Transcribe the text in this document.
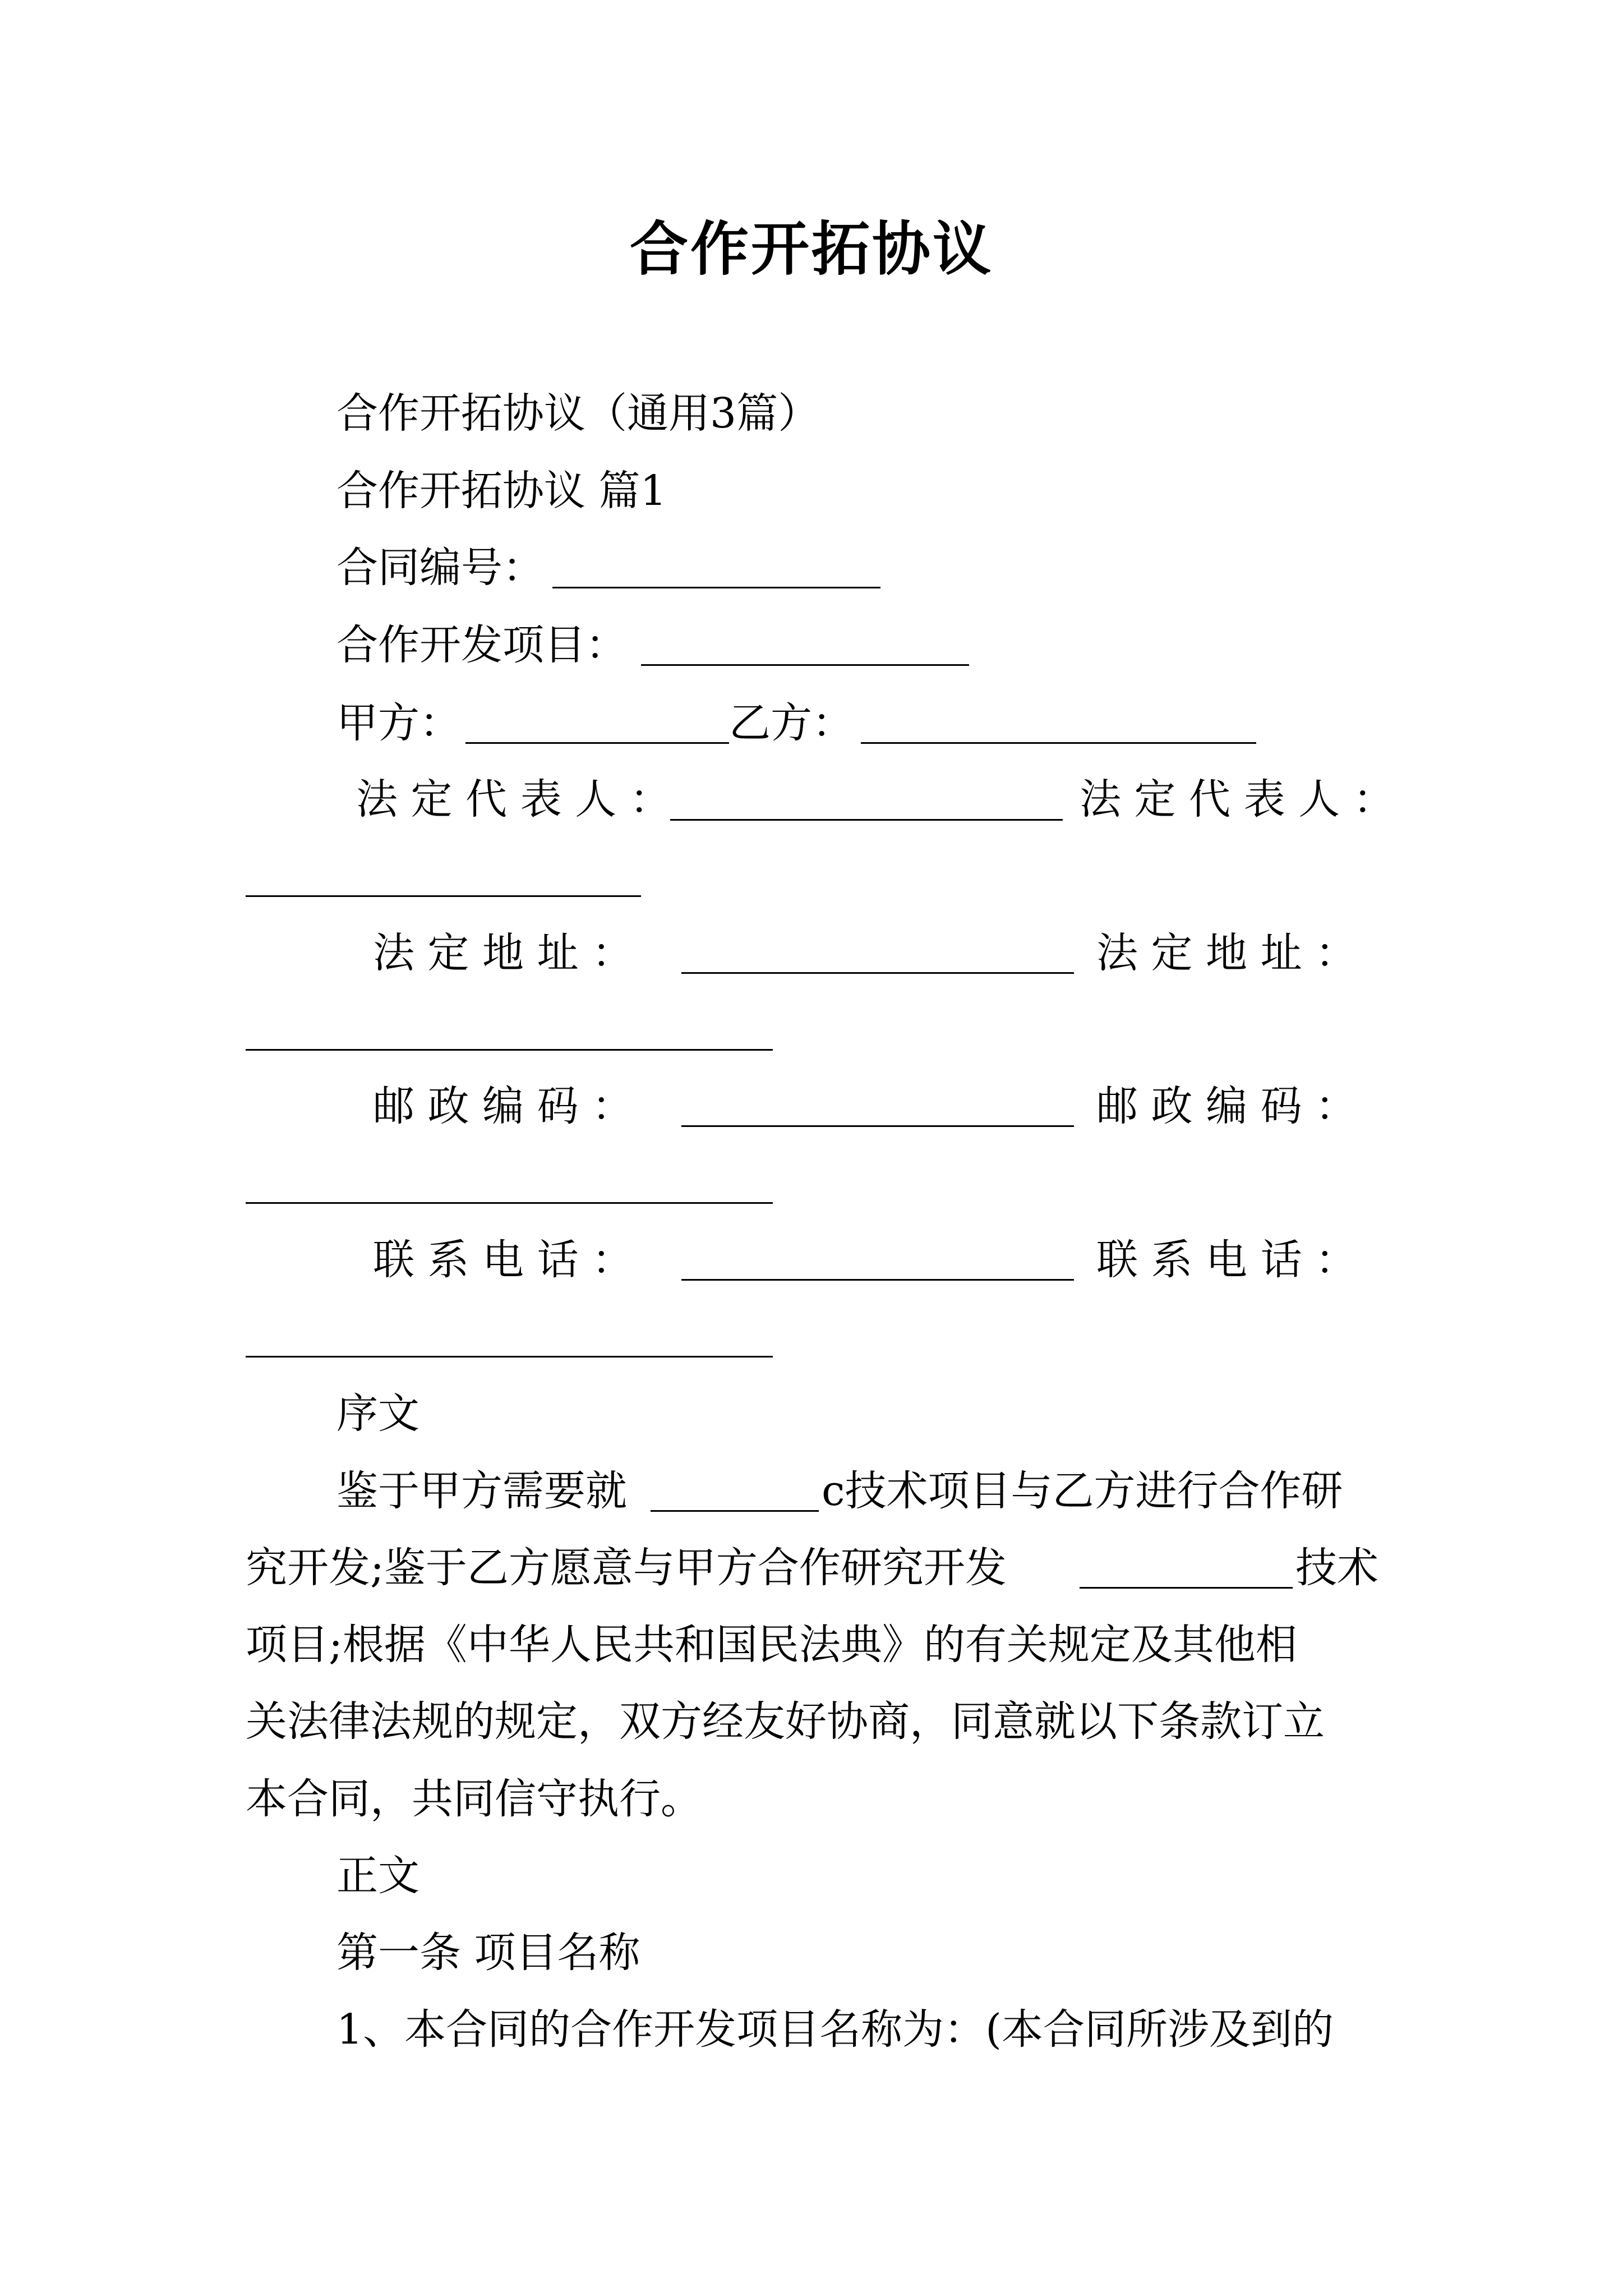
合作开拓协议
合作开拓协议（通用3篇）
合作开拓协议 篇1
合同编号：
合作开发项目：
甲方：	乙方：
法 定 代 表 人 ：	法 定 代 表 人 ：
法 定 地 址 ：	法 定 地 址 ：
邮 政 编 码 ：	邮 政 编 码 ：
联 系 电 话 ：	联 系 电 话 ：
序文
鉴于甲方需要就	c技术项目与乙方进行合作研
究开发;鉴于乙方愿意与甲方合作研究开发	技术
项目;根据《中华人民共和国民法典》的有关规定及其他相
关法律法规的规定，双方经友好协商，同意就以下条款订立
本合同，共同信守执行。
正文
第一条 项目名称
1、本合同的合作开发项目名称为：(本合同所涉及到的
